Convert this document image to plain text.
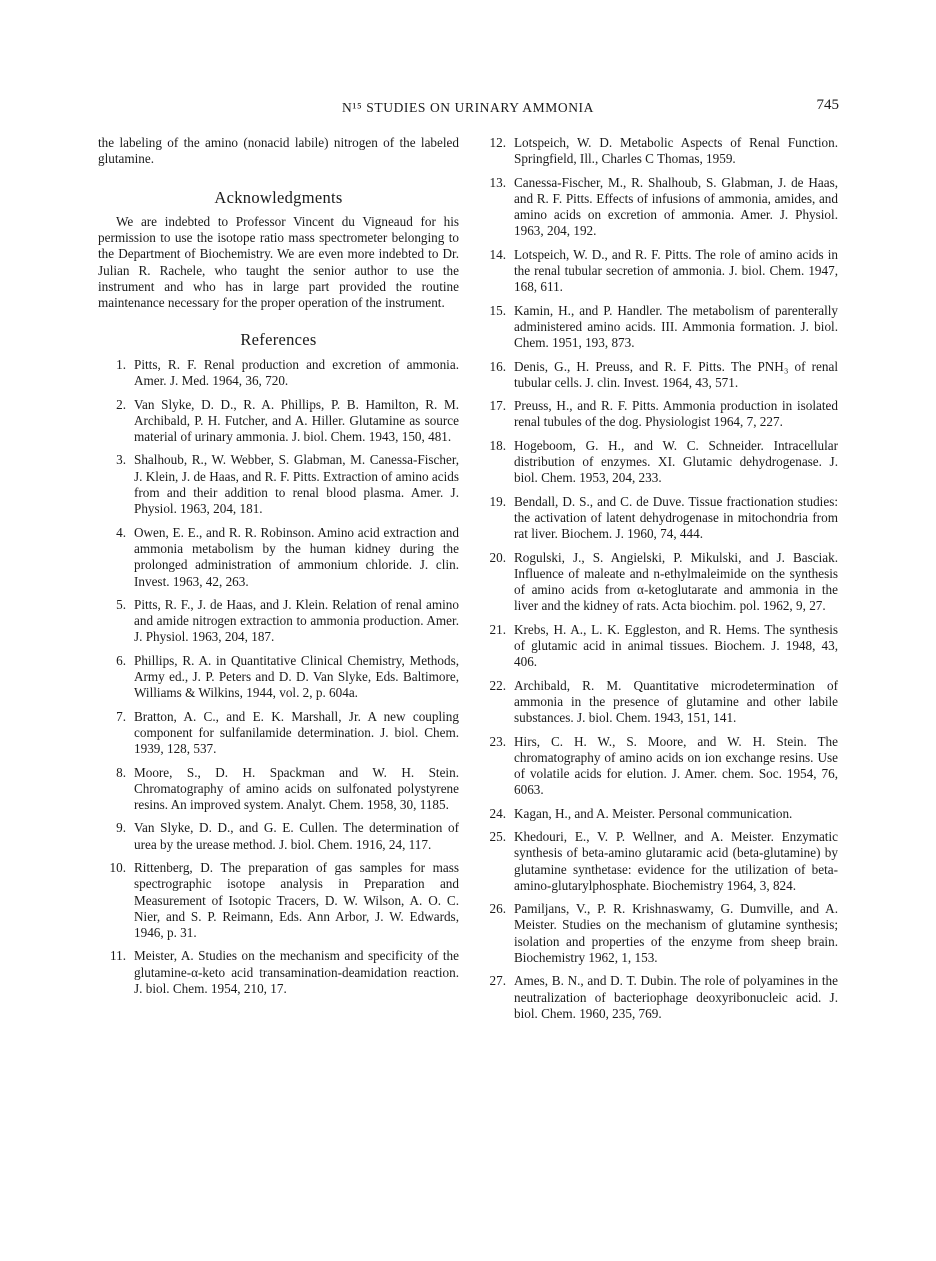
N¹⁵ STUDIES ON URINARY AMMONIA	745

the labeling of the amino (nonacid labile) nitrogen of the labeled glutamine.

Acknowledgments

We are indebted to Professor Vincent du Vigneaud for his permission to use the isotope ratio mass spectrometer belonging to the Department of Biochemistry. We are even more indebted to Dr. Julian R. Rachele, who taught the senior author to use the instrument and who has in large part provided the routine maintenance necessary for the proper operation of the instrument.

References
1. Pitts, R. F. Renal production and excretion of ammonia. Amer. J. Med. 1964, 36, 720.
2. Van Slyke, D. D., R. A. Phillips, P. B. Hamilton, R. M. Archibald, P. H. Futcher, and A. Hiller. Glutamine as source material of urinary ammonia. J. biol. Chem. 1943, 150, 481.
3. Shalhoub, R., W. Webber, S. Glabman, M. Canessa-Fischer, J. Klein, J. de Haas, and R. F. Pitts. Extraction of amino acids from and their addition to renal blood plasma. Amer. J. Physiol. 1963, 204, 181.
4. Owen, E. E., and R. R. Robinson. Amino acid extraction and ammonia metabolism by the human kidney during the prolonged administration of ammonium chloride. J. clin. Invest. 1963, 42, 263.
5. Pitts, R. F., J. de Haas, and J. Klein. Relation of renal amino and amide nitrogen extraction to ammonia production. Amer. J. Physiol. 1963, 204, 187.
6. Phillips, R. A. in Quantitative Clinical Chemistry, Methods, Army ed., J. P. Peters and D. D. Van Slyke, Eds. Baltimore, Williams & Wilkins, 1944, vol. 2, p. 604a.
7. Bratton, A. C., and E. K. Marshall, Jr. A new coupling component for sulfanilamide determination. J. biol. Chem. 1939, 128, 537.
8. Moore, S., D. H. Spackman and W. H. Stein. Chromatography of amino acids on sulfonated polystyrene resins. An improved system. Analyt. Chem. 1958, 30, 1185.
9. Van Slyke, D. D., and G. E. Cullen. The determination of urea by the urease method. J. biol. Chem. 1916, 24, 117.
10. Rittenberg, D. The preparation of gas samples for mass spectrographic isotope analysis in Preparation and Measurement of Isotopic Tracers, D. W. Wilson, A. O. C. Nier, and S. P. Reimann, Eds. Ann Arbor, J. W. Edwards, 1946, p. 31.
11. Meister, A. Studies on the mechanism and specificity of the glutamine-α-keto acid transamination-deamidation reaction. J. biol. Chem. 1954, 210, 17.
12. Lotspeich, W. D. Metabolic Aspects of Renal Function. Springfield, Ill., Charles C Thomas, 1959.
13. Canessa-Fischer, M., R. Shalhoub, S. Glabman, J. de Haas, and R. F. Pitts. Effects of infusions of ammonia, amides, and amino acids on excretion of ammonia. Amer. J. Physiol. 1963, 204, 192.
14. Lotspeich, W. D., and R. F. Pitts. The role of amino acids in the renal tubular secretion of ammonia. J. biol. Chem. 1947, 168, 611.
15. Kamin, H., and P. Handler. The metabolism of parenterally administered amino acids. III. Ammonia formation. J. biol. Chem. 1951, 193, 873.
16. Denis, G., H. Preuss, and R. F. Pitts. The PNH₃ of renal tubular cells. J. clin. Invest. 1964, 43, 571.
17. Preuss, H., and R. F. Pitts. Ammonia production in isolated renal tubules of the dog. Physiologist 1964, 7, 227.
18. Hogeboom, G. H., and W. C. Schneider. Intracellular distribution of enzymes. XI. Glutamic dehydrogenase. J. biol. Chem. 1953, 204, 233.
19. Bendall, D. S., and C. de Duve. Tissue fractionation studies: the activation of latent dehydrogenase in mitochondria from rat liver. Biochem. J. 1960, 74, 444.
20. Rogulski, J., S. Angielski, P. Mikulski, and J. Basciak. Influence of maleate and n-ethylmaleimide on the synthesis of amino acids from α-ketoglutarate and ammonia in the liver and the kidney of rats. Acta biochim. pol. 1962, 9, 27.
21. Krebs, H. A., L. K. Eggleston, and R. Hems. The synthesis of glutamic acid in animal tissues. Biochem. J. 1948, 43, 406.
22. Archibald, R. M. Quantitative microdetermination of ammonia in the presence of glutamine and other labile substances. J. biol. Chem. 1943, 151, 141.
23. Hirs, C. H. W., S. Moore, and W. H. Stein. The chromatography of amino acids on ion exchange resins. Use of volatile acids for elution. J. Amer. chem. Soc. 1954, 76, 6063.
24. Kagan, H., and A. Meister. Personal communication.
25. Khedouri, E., V. P. Wellner, and A. Meister. Enzymatic synthesis of beta-amino glutaramic acid (beta-glutamine) by glutamine synthetase: evidence for the utilization of beta-amino-glutarylphosphate. Biochemistry 1964, 3, 824.
26. Pamiljans, V., P. R. Krishnaswamy, G. Dumville, and A. Meister. Studies on the mechanism of glutamine synthesis; isolation and properties of the enzyme from sheep brain. Biochemistry 1962, 1, 153.
27. Ames, B. N., and D. T. Dubin. The role of polyamines in the neutralization of bacteriophage deoxyribonucleic acid. J. biol. Chem. 1960, 235, 769.
